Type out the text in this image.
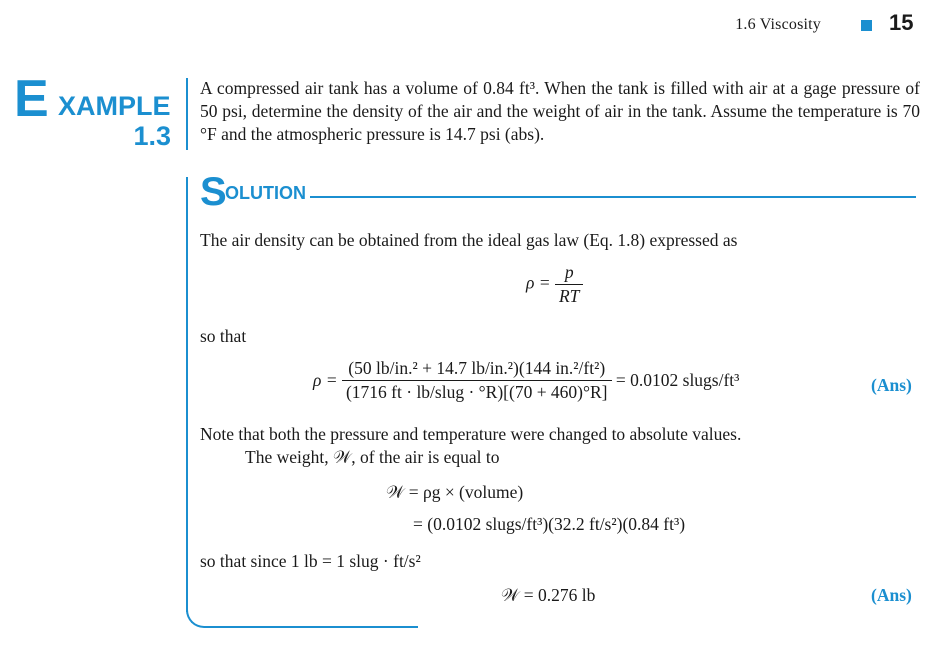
1.6 Viscosity	15
E XAMPLE
1.3
A compressed air tank has a volume of 0.84 ft³. When the tank is filled with air at a gage pressure of 50 psi, determine the density of the air and the weight of air in the tank. Assume the temperature is 70 °F and the atmospheric pressure is 14.7 psi (abs).
S
OLUTION
The air density can be obtained from the ideal gas law (Eq. 1.8) expressed as
$\rho = \frac{p}{RT}$
so that
$\rho = \frac{\text{(50 lb/in.² + 14.7 lb/in.²)(144 in.²/ft²)}}{\text{(1716 ft · lb/slug · °R)[(70 + 460)°R]}} = 0.0102$ slugs/ft³	(Ans)
Note that both the pressure and temperature were changed to absolute values.
The weight, 𝒲, of the air is equal to
𝒲 = ρg × (volume)
= (0.0102 slugs/ft³)(32.2 ft/s²)(0.84 ft³)
so that since 1 lb = 1 slug · ft/s²
𝒲 = 0.276 lb	(Ans)
